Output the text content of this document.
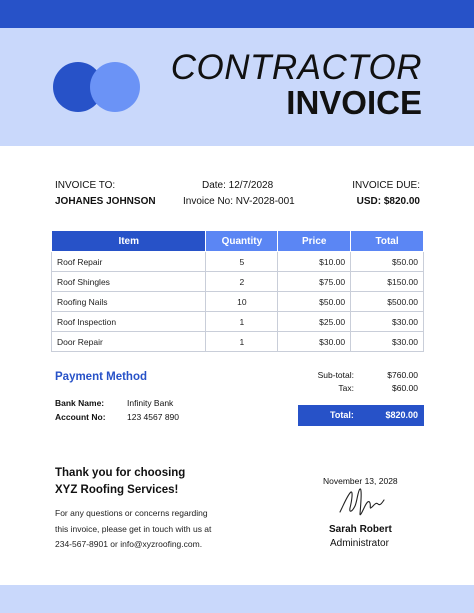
CONTRACTOR
INVOICE
INVOICE TO:
JOHANES JOHNSON
Date: 12/7/2028
Invoice No: NV-2028-001
INVOICE DUE:
USD: $820.00
Item	Quantity	Price	Total
Roof Repair	5	$10.00	$50.00
Roof Shingles	2	$75.00	$150.00
Roofing Nails	10	$50.00	$500.00
Roof Inspection	1	$25.00	$30.00
Door Repair	1	$30.00	$30.00
Payment Method
Bank Name:	Infinity Bank
Account No:	123 4567 890
Sub-total:	$760.00
Tax:	$60.00
Total:	$820.00
Thank you for choosing
XYZ Roofing Services!
For any questions or concerns regarding
this invoice, please get in touch with us at
234-567-8901 or info@xyzroofing.com.
November 13, 2028
Sarah Robert
Administrator
